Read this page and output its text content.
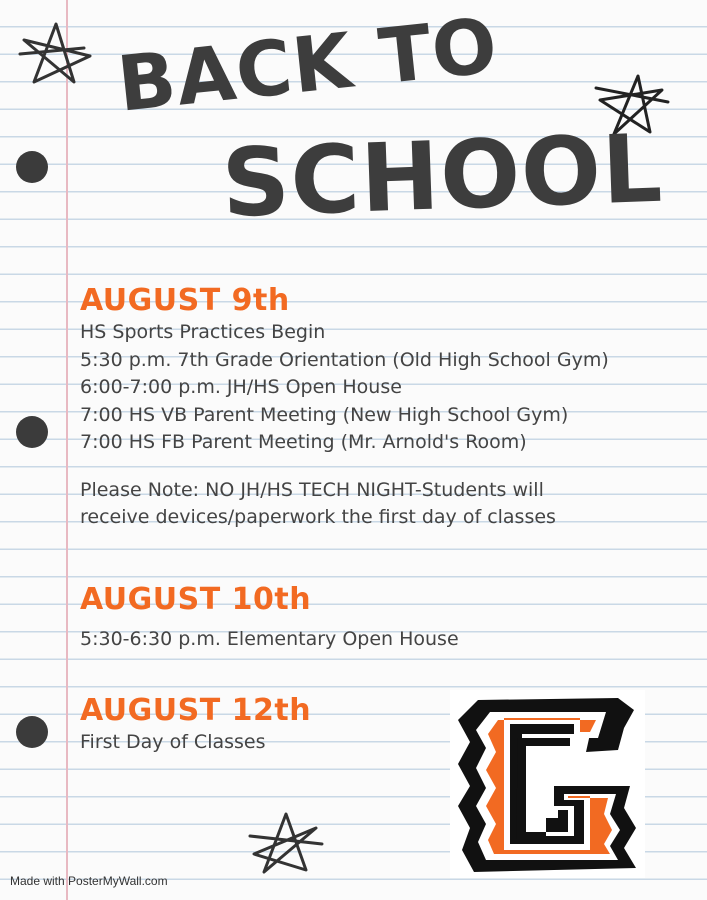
BACK TO
SCHOOL
AUGUST 9th

HS Sports Practices Begin

5:30 p.m. 7th Grade Orientation (Old High School Gym)

6:00-7:00 p.m. JH/HS Open House

7:00 HS VB Parent Meeting (New High School Gym)

7:00 HS FB Parent Meeting (Mr. Arnold's Room)

Please Note: NO JH/HS TECH NIGHT-Students will

receive devices/paperwork the first day of classes

AUGUST 10th

5:30-6:30 p.m. Elementary Open House

AUGUST 12th

First Day of Classes

Made with PosterMyWall.com
